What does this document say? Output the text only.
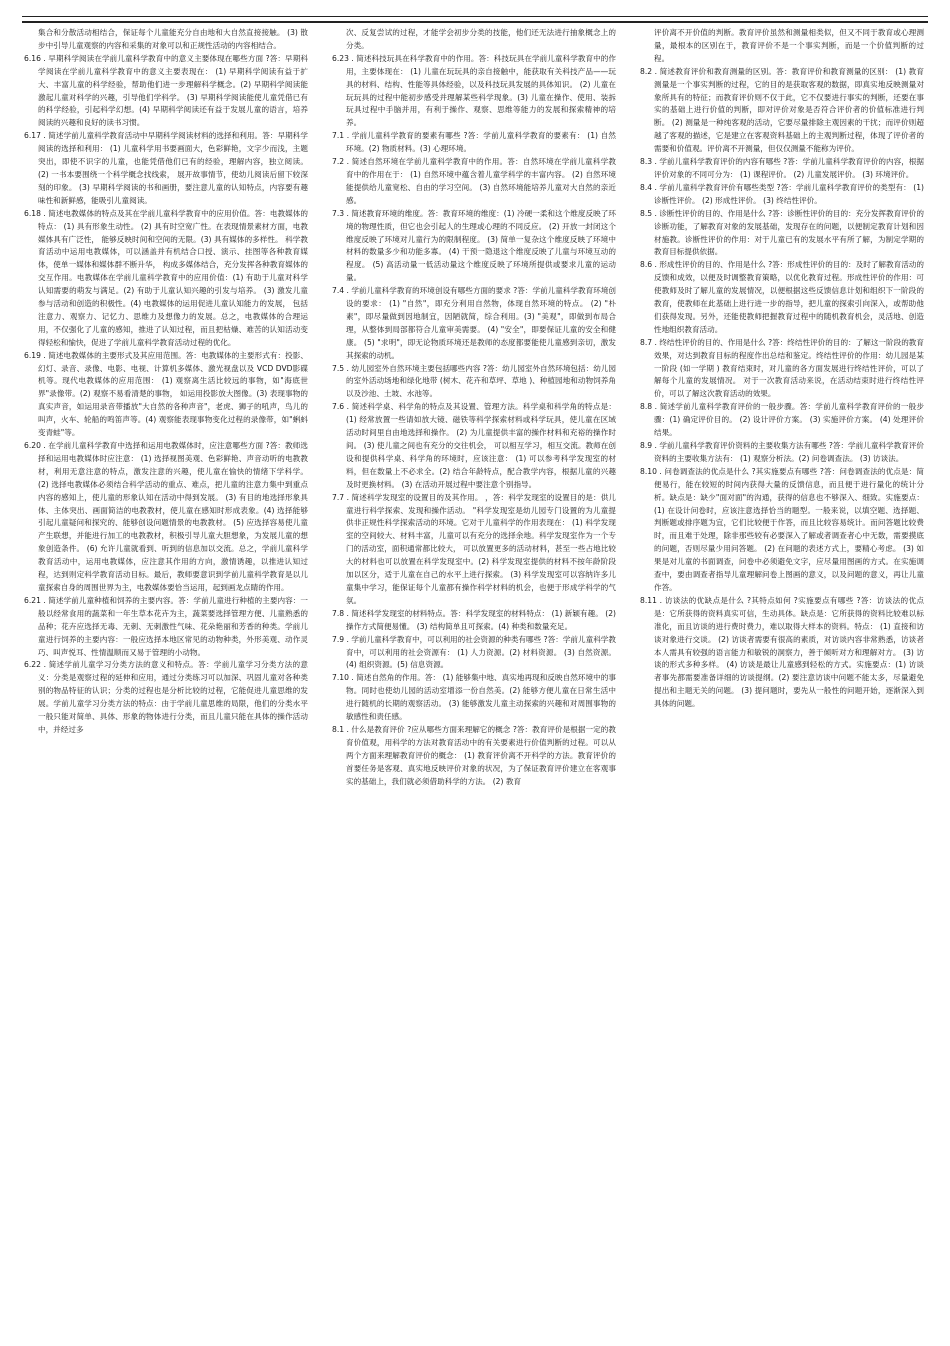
集合和分散活动相结合，保证每个儿童能充分自由地和大自然直接接触。 (3) 散步中引导儿童观察的内容和采集的对象可以和正规性活动的内容相结合。

6.16 . 早期科学阅读在学前儿童科学教育中的意义主要体现在哪些方面 ?答：早期科学阅读在学前儿童科学教育中的意义主要表现在： (1) 早期科学阅读有益于扩大、丰富儿童的科学经验，帮助他们进一步理解科学概念。(2) 早期科学阅读能激起儿童对科学的兴趣，引导他们学科学。 (3) 早期科学阅读能使儿童凭借已有的科学经验，引起科学幻想。(4) 早期科学阅读还有益于发展儿童的语言，培养阅读的兴趣和良好的读书习惯。

6.17 . 简述学前儿童科学教育活动中早期科学阅读材料的选择和利用。答：早期科学阅读的选择和利用： (1) 儿童科学用书要画面大，色彩鲜艳，文字少而浅，主题突出，即使不识字的儿童，也能凭借他们已有的经验，理解内容，独立阅读。 (2) 一书本要围绕一个科学概念找线索， 展开故事情节，使幼儿阅读后留下较深刻的印象。 (3) 早期科学阅读的书和画册，要注意儿童的认知特点，内容要有趣味性和新鲜感，能吸引儿童阅读。

6.18 . 简述电教媒体的特点及其在学前儿童科学教育中的应用价值。答：电教媒体的特点： (1) 具有形象生动性。 (2) 具有时空宽广性。在表现情景素材方面，电教媒体具有广泛性， 能够反映时间和空间的无限。(3) 具有媒体的多样性。 科学教育活动中运用电教媒体，可以涵盖并有机结合口授、演示、挂图等各种教育媒体，使单一媒体和媒体群不断升华， 构成多媒体结合，充分发挥各种教育媒体的交互作用。电教媒体在学前儿童科学教育中的应用价值：(1) 有助于儿童对科学认知需要的萌发与满足。(2) 有助于儿童认知兴趣的引发与培养。 (3) 激发儿童参与活动和创造的积极性。(4) 电教媒体的运用促进儿童认知能力的发展， 包括注意力、观察力、记忆力、思维力及想像力的发展。总之，电教媒体的合理运用，不仅强化了儿童的感知，推进了认知过程，而且把枯燥、难苦的认知活动变得轻松和愉快，促进了学前儿童科学教育活动过程的优化。

6.19 . 简述电教媒体的主要形式及其应用范围。答：电教媒体的主要形式有：投影、幻灯、录音、录像、电影、电视、计算机多媒体、激光视盘以及 VCD DVD影碟机等。现代电教媒体的应用范围： (1) 观察离生活比较远的事物，如"海底世界"录像带。(2) 观察不易看清楚的事物， 如运用投影放大图像。(3) 表现事物的真实声音，如运用录音带播放"大自然的各种声音"，老虎、狮子的吼声，鸟儿的叫声，火车、轮船的鸣笛声等。(4) 观察能表现事物变化过程的录像带，如"蝌蚪变青蛙"等。

6.20 . 在学前儿童科学教育中选择和运用电教媒体时，应注意哪些方面 ?答：教师选择和运用电教媒体时应注意： (1) 选择视图美观、色彩鲜艳、声音动听的电教教材，利用无意注意的特点，激发注意的兴趣，使儿童在愉快的情绪下学科学。 (2) 选择电教媒体必须结合科学活动的重点、难点，把儿童的注意力集中到重点内容的感知上，使儿童的形象认知在活动中得到发展。 (3) 有目的地选择形象具体、主体突出、画面简洁的电教教材，使儿童在感知时形成表象。(4) 选择能够引起儿童疑问和探究的、能够创设问题情景的电教教材。 (5) 应选择容易使儿童产生联想，并能进行加工的电教教材，积极引导儿童大胆想象，为发展儿童的想象创造条件。 (6) 允许儿童就看到、听到的信息加以交流。总之，学前儿童科学教育活动中，运用电教媒体，应注意其作用的方向，激情诱趣，以推进认知过程，达到则定科学教育活动目标。最后，教师要意识到学前儿童科学教育是以儿童探索自身的周围世界为主，电教媒体要恰当运用，起到画龙点睛的作用。

6.21 . 简述学前儿童种植和饲养的主要内容。答：学前儿童进行种植的主要内容：一般以经常食用的蔬菜和一年生草本花卉为主，蔬菜要选择管理方便、儿童熟悉的品种；花卉应选择无毒、无刺、无刺激性气味、花朵艳丽和芳香的种类。学前儿童进行饲养的主要内容：一般应选择本地区常见的动物种类，外形美观、动作灵巧、叫声悦耳、性情温顺而又易于管理的小动物。

6.22 . 简述学前儿童学习分类方法的意义和特点。答：学前儿童学习分类方法的意义：分类是观察过程的延伸和应用，通过分类练习可以加深、巩固儿童对各种类别的物品特征的认识；分类的过程也是分析比较的过程，它能促进儿童思维的发展。学前儿童学习分类方法的特点：由于学前儿童思维的局限，他们的分类水平一般只能对简单、具体、形象的物体进行分类，而且儿童只能在具体的操作活动中，并经过多

次、反复尝试的过程，才能学会初步分类的技能，他们还无法进行抽象概念上的分类。

6.23 . 简述科技玩具在科学教育中的作用。答：科技玩具在学前儿童科学教育中的作用，主要体现在： (1) 儿童在玩玩具的亲自接触中，能获取有关科技产品——玩具的材料、结构、性能等具体经验，以及科技玩具发展的具体知识。 (2) 儿童在玩玩具的过程中能初步感受并理解某些科学现象。(3) 儿童在操作、使用、装拆玩具过程中手脑并用，有利于操作、观察、思维等能力的发展和探索精神的培养。

7.1 . 学前儿童科学教育的要素有哪些 ?答：学前儿童科学教育的要素有： (1) 自然环境。(2) 物质材料。(3) 心理环境。

7.2 . 简述自然环境在学前儿童科学教育中的作用。答：自然环境在学前儿童科学教育中的作用在于： (1) 自然环境中蕴含着儿童学科学的丰富内容。 (2) 自然环境能提供给儿童宽松、自由的学习空间。 (3) 自然环境能培养儿童对大自然的亲近感。

7.3 . 简述教育环境的维度。答：教育环境的维度：(1) 冷硬一柔和这个维度反映了环境的物理性质，但它也会引起人的生理或心理的不同反应。 (2) 开放一封闭这个维度反映了环境对儿童行为的限制程度。 (3) 简单一复杂这个维度反映了环境中材料的数量多少和功能多寡。 (4) 干预一隐退这个维度反映了儿童与环境互动的程度。 (5) 高活动量一低活动量这个维度反映了环境所提供或要求儿童的运动量。

7.4 . 学前儿童科学教育的环境创设有哪些方面的要求 ?答：学前儿童科学教育环境创设的要求： (1) "自然"，即充分利用自然物，体现自然环境的特点。 (2) "朴素"，即尽量做到因地制宜，因陋就简，综合利用。(3) "美观"，即做到布局合理，从整体到局部都符合儿童审美需要。 (4) "安全"，即要保证儿童的安全和健康。 (5) "求明"，即无论物质环境还是教师的态度都要能使儿童感到亲切，激发其探索的动机。

7.5 . 幼儿园室外自然环境主要包括哪些内容 ?答：幼儿园室外自然环境包括：幼儿园的室外活动场地和绿化地带 (树木、花卉和草坪、草地 )、种植园地和动物饲养角以及沙池、土坡、水池等。

7.6 . 简述科学桌、科学角的特点及其设置、管理方法。科学桌和科学角的特点是： (1) 经常放置一些请如放大镜、磁铁等科学探索材料或科学玩具，使儿童在区域活动时间里自由地选择和操作。 (2) 为儿童提供丰富的操作材料和充裕的操作时间。 (3) 使儿童之间也有充分的交往机会， 可以相互学习，相互交流。教师在创设和提供科学桌、科学角的环境时，应该注意： (1) 可以参考科学发现室的材料，但在数量上不必求全。(2) 结合年龄特点，配合教学内容，根据儿童的兴趣及时更换材料。 (3) 在活动开展过程中要注意个别指导。

7.7 . 简述科学发现室的设置目的及其作用。 ，答：科学发现室的设置目的是：供儿童进行科学探索、发现和操作活动。 "科学发现室是幼儿园专门设置的为儿童提供非正规性科学探索活动的环境。它对于儿童科学的作用表现在： (1) 科学发现室的空间较大、材料丰富，儿童可以有充分的选择余地。科学发现室作为一个专门的活动室，面积通常都比较大， 可以放置更多的活动材料，甚至一些占地比较大的材料也可以放置在科学发现室中。(2) 科学发现室提供的材料不按年龄阶段加以区分，适于儿童在自己的水平上进行探索。 (3) 科学发现室可以容纳许多儿童集中学习，能保证每个儿童都有操作科学材料的机会，也便于形成学科学的气氛。

7.8 . 简述科学发现室的材料特点。答：科学发现室的材料特点： (1) 新颖有趣。 (2) 操作方式简便易懂。 (3) 结构简单且可探索。(4) 种类和数量充足。

7.9 . 学前儿童科学教育中，可以利用的社会资源的种类有哪些 ?答：学前儿童科学教育中，可以利用的社会资源有： (1) 人力资源。(2) 材料资源。 (3) 自然资源。 (4) 组织资源。(5) 信息资源。

7.10 . 简述自然角的作用。答： (1) 能够集中地、真实地再现和反映自然环境中的事物。同时也使幼儿园的活动室增添一份自然美。(2) 能够方便儿童在日常生活中进行随机的长期的观察活动。 (3) 能够激发儿童主动探索的兴趣和对周围事物的敏感性和责任感。

8.1 . 什么是教育评价 ?应从哪些方面来理解它的概念 ?答：教育评价是根据一定的教育价值观，用科学的方法对教育活动中的有关要素进行价值判断的过程。可以从两个方面来理解教育评价的概念： (1) 教育评价离不开科学的方法。教育评价的首要任务是客观、真实地反映评价对象的状况，为了保证教育评价建立在客观事实的基础上，我们就必须借助科学的方法。 (2) 教育

评价离不开价值的判断。教育评价虽然和测量相类似，但又不同于教育或心理测量，最根本的区别在于，教育评价不是一个事实判断，而是一个价值判断的过程。

8.2 . 简述教育评价和教育测量的区别。答：教育评价和教育测量的区别： (1) 教育测量是一个事实判断的过程，它的目的是获取客观的数据，即真实地反映测量对象所具有的特征；而教育评价则不仅于此，它不仅要进行事实的判断，还要在事实的基础上进行价值的判断，即对评价对象是否符合评价者的价值标准进行判断。 (2) 测量是一种纯客观的活动，它要尽量排除主观因素的干扰；而评价则超越了客观的描述，它是建立在客观资料基础上的主观判断过程，体现了评价者的需要和价值观。评价离不开测量，但仅仅测量不能称为评价。

8.3 . 学前儿童科学教育评价的内容有哪些 ?答：学前儿童科学教育评价的内容，根据评价对象的不同可分为： (1) 课程评价。 (2) 儿童发展评价。 (3) 环境评价。

8.4 . 学前儿童科学教育评价有哪些类型 ?答：学前儿童科学教育评价的类型有： (1) 诊断性评价。 (2) 形成性评价。 (3) 终结性评价。

8.5 . 诊断性评价的目的、作用是什么 ?答：诊断性评价的目的：充分发挥教育评价的诊断功能，了解教育对象的发展基础，发现存在的问题，以便制定教育计划和因材施教。诊断性评价的作用：对于儿童已有的发展水平有所了解，为制定学期的教育目标提供依据。

8.6 . 形成性评价的目的、作用是什么 ?答：形成性评价的目的：及时了解教育活动的反馈和成效，以便及时调整教育策略，以优化教育过程。形成性评价的作用：可使教师及时了解儿童的发展情况，以便根据这些反馈信息计划和组织下一阶段的教育，使教师在此基础上进行进一步的指导，把儿童的探索引向深入，或帮助他们获得发现。另外，还能使教师把握教育过程中的随机教育机会，灵活地、创造性地组织教育活动。

8.7 . 终结性评价的目的、作用是什么 ?答：终结性评价的目的：了解这一阶段的教育效果，对达到教育目标的程度作出总结和鉴定。终结性评价的作用：幼儿园是某一阶段 (如一学期 ) 教育结束时，对儿童的各方面发展进行终结性评价，可以了解每个儿童的发展情况。 对于一次教育活动来说，在活动结束时进行终结性评价，可以了解这次教育活动的效果。

8.8 . 简述学前儿童科学教育评价的一般步骤。答：学前儿童科学教育评价的一般步骤：(1) 确定评价目的。 (2) 设计评价方案。 (3) 实施评价方案。 (4) 处理评价结果。

8.9 . 学前儿童科学教育评价资料的主要收集方法有哪些 ?答：学前儿童科学教育评价资料的主要收集方法有： (1) 观察分析法。(2) 问卷调查法。 (3) 访谈法。

8.10 . 问卷调查法的优点是什么 ?其实施要点有哪些 ?答：问卷调查法的优点是：简便易行，能在较短的时间内获得大量的反馈信息，而且便于进行量化的统计分析。缺点是：缺少"面对面"的沟通，获得的信息也不够深入、细致。实施要点： (1) 在设计问卷时，应该注意选择恰当的题型。一般来说，以填空题、选择题、判断题或排序题为宜，它们比较便于作答，而且比较容易统计。而问答题比较费时，而且难于处理，除非那些较有必要深入了解或者调查者心中无数，需要摸底的问题，否则尽量少用问答题。 (2) 在问题的表述方式上，要精心考虑。 (3) 如果是对儿童的书面调查，问卷中必须避免文字，应尽量用图画的方式。在实施调查中，要由调查者指导儿童理解问卷上图画的意义，以及问题的意义，再让儿童作答。

8.11 . 访谈法的优缺点是什么 ?其特点如何 ?实施要点有哪些 ?答：访谈法的优点是：它所获得的资料真实可信，生动具体。缺点是：它所获得的资料比较难以标准化，而且访谈的进行费时费力，难以取得大样本的资料。特点： (1) 直接和访谈对象进行交谈。 (2) 访谈者需要有很高的素质，对访谈内容非常熟悉，访谈者本人需具有较强的语言能力和敏锐的洞察力，善于倾听对方和理解对方。 (3) 访谈的形式多种多样。 (4) 访谈是最让儿童感到轻松的方式。实施要点：(1) 访谈者事先都需要准备详细的访谈提纲。(2) 要注意访谈中问题不能太多，尽量避免提出和主题无关的问题。 (3) 提问题时，要先从一般性的问题开始，逐渐深入到具体的问题。
